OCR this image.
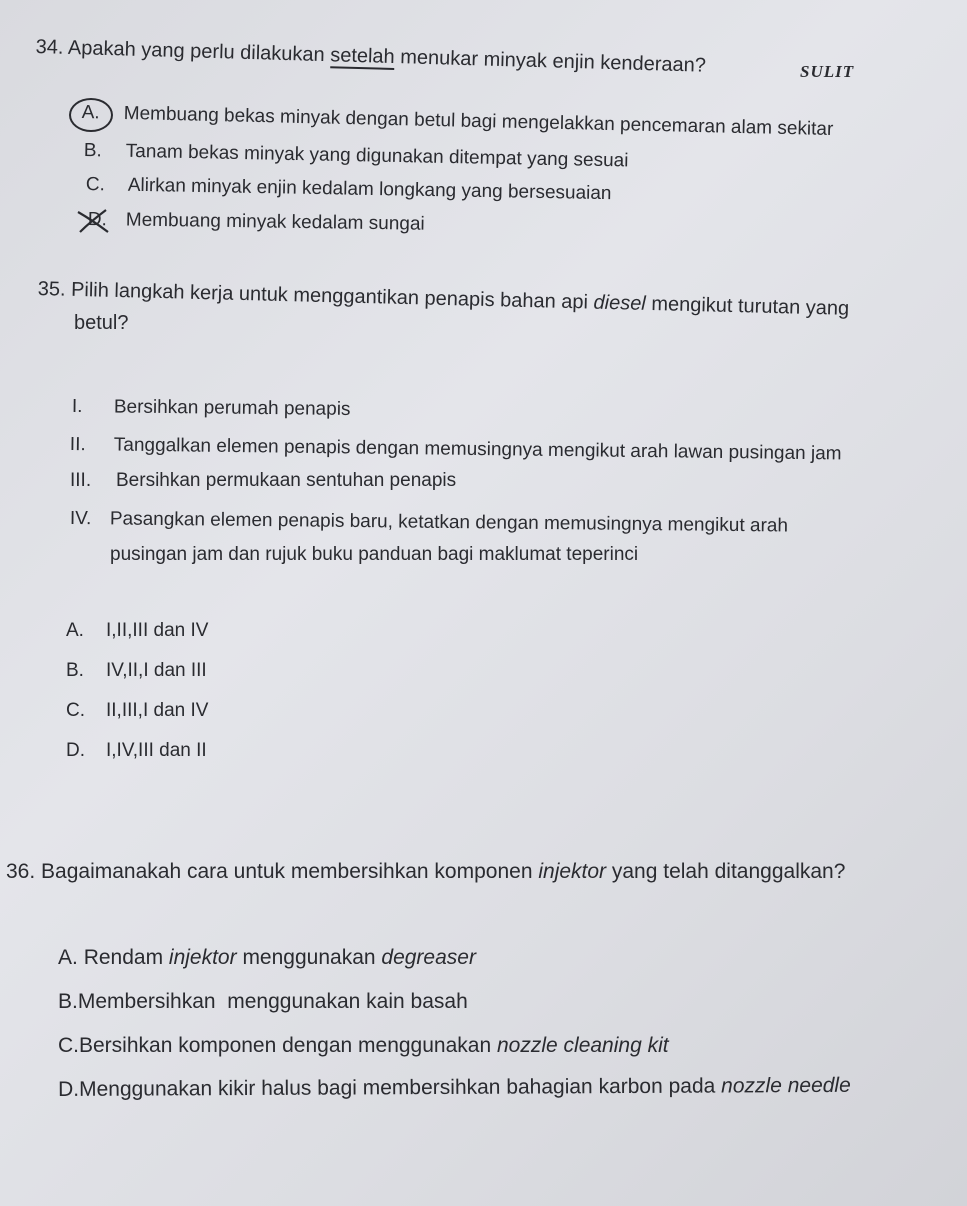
SULIT
34. Apakah yang perlu dilakukan setelah menukar minyak enjin kenderaan?
A. Membuang bekas minyak dengan betul bagi mengelakkan pencemaran alam sekitar
B. Tanam bekas minyak yang digunakan ditempat yang sesuai
C. Alirkan minyak enjin kedalam longkang yang bersesuaian
D. Membuang minyak kedalam sungai
35. Pilih langkah kerja untuk menggantikan penapis bahan api diesel mengikut turutan yang
betul?
I. Bersihkan perumah penapis
II. Tanggalkan elemen penapis dengan memusingnya mengikut arah lawan pusingan jam
III. Bersihkan permukaan sentuhan penapis
IV. Pasangkan elemen penapis baru, ketatkan dengan memusingnya mengikut arah
pusingan jam dan rujuk buku panduan bagi maklumat teperinci
A. I,II,III dan IV
B. IV,II,I dan III
C. II,III,I dan IV
D. I,IV,III dan II
36. Bagaimanakah cara untuk membersihkan komponen injektor yang telah ditanggalkan?
A. Rendam injektor menggunakan degreaser
B.Membersihkan  menggunakan kain basah
C.Bersihkan komponen dengan menggunakan nozzle cleaning kit
D.Menggunakan kikir halus bagi membersihkan bahagian karbon pada nozzle needle
